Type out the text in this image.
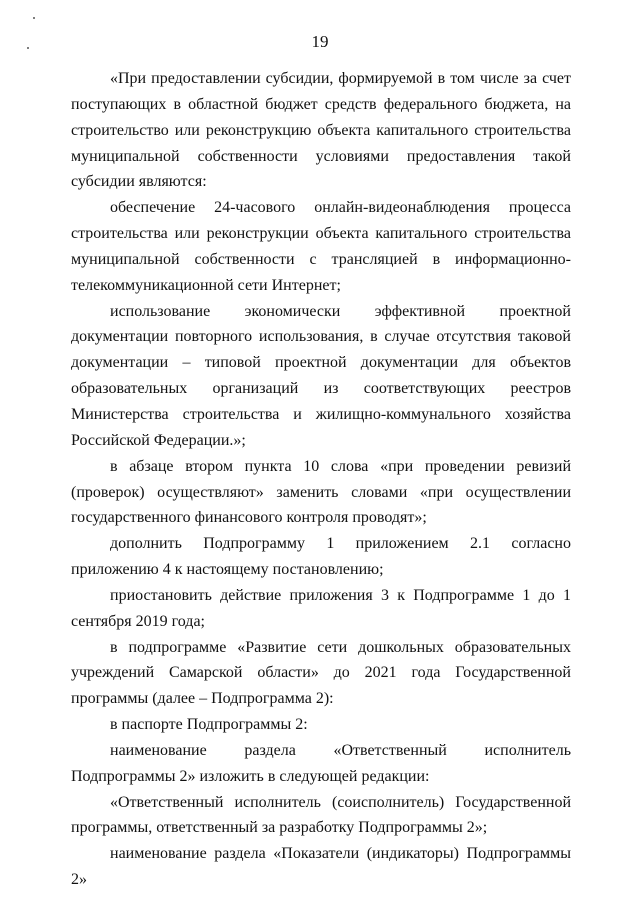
19

«При предоставлении субсидии, формируемой в том числе за счет поступающих в областной бюджет средств федерального бюджета, на строительство или реконструкцию объекта капитального строительства муниципальной собственности условиями предоставления такой субсидии являются:

обеспечение 24-часового онлайн-видеонаблюдения процесса строительства или реконструкции объекта капитального строительства муниципальной собственности с трансляцией в информационно-телекоммуникационной сети Интернет;

использование экономически эффективной проектной документации повторного использования, в случае отсутствия таковой документации – типовой проектной документации для объектов образовательных организаций из соответствующих реестров Министерства строительства и жилищно-коммунального хозяйства Российской Федерации.»;

в абзаце втором пункта 10 слова «при проведении ревизий (проверок) осуществляют» заменить словами «при осуществлении государственного финансового контроля проводят»;

дополнить Подпрограмму 1 приложением 2.1 согласно приложению 4 к настоящему постановлению;

приостановить действие приложения 3 к Подпрограмме 1 до 1 сентября 2019 года;

в подпрограмме «Развитие сети дошкольных образовательных учреждений Самарской области» до 2021 года Государственной программы (далее – Подпрограмма 2):

в паспорте Подпрограммы 2:

наименование раздела «Ответственный исполнитель Подпрограммы 2» изложить в следующей редакции:

«Ответственный исполнитель (соисполнитель) Государственной программы, ответственный за разработку Подпрограммы 2»;

наименование раздела «Показатели (индикаторы) Подпрограммы 2»
